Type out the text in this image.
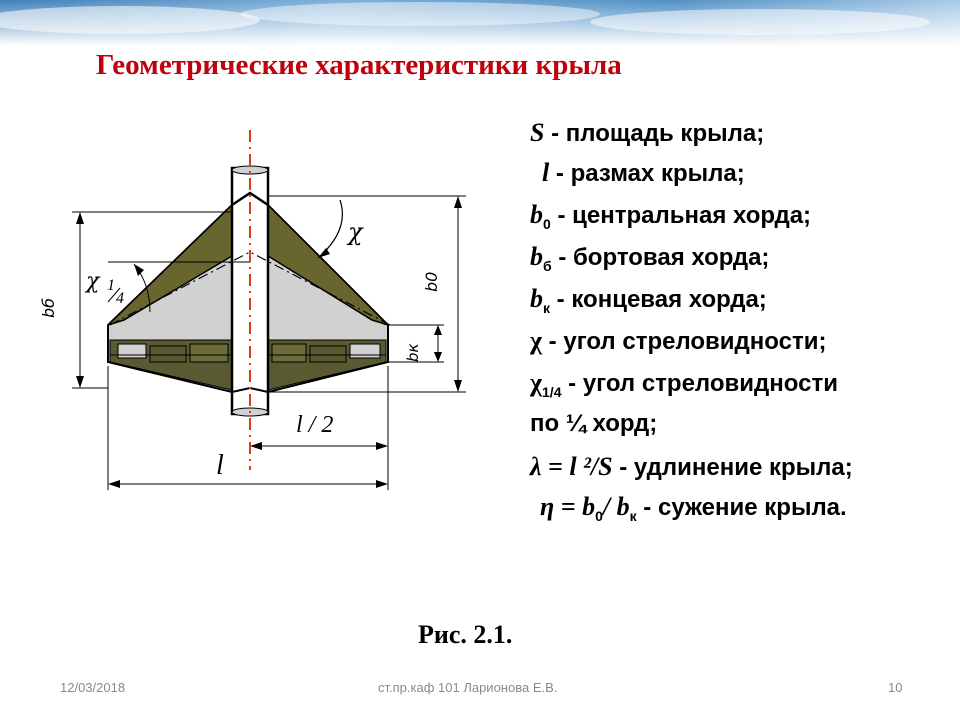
Геометрические характеристики крыла
χ
χ 1
4
bб
b0
bк
l / 2
l
S - площадь крыла;
l - размах крыла;
$b_0$ - центральная хорда;
$b_б$ - бортовая хорда;
$b_к$ - концевая хорда;
χ - угол стреловидности;
$\chi_{1/4}$ - угол стреловидности
по ¼ хорд;
λ = l ²/S - удлинение крыла;
$\eta = b_0/$ $b_к$ - сужение крыла.
Рис. 2.1.
12/03/2018	ст.пр.каф 101 Ларионова Е.В.	10
